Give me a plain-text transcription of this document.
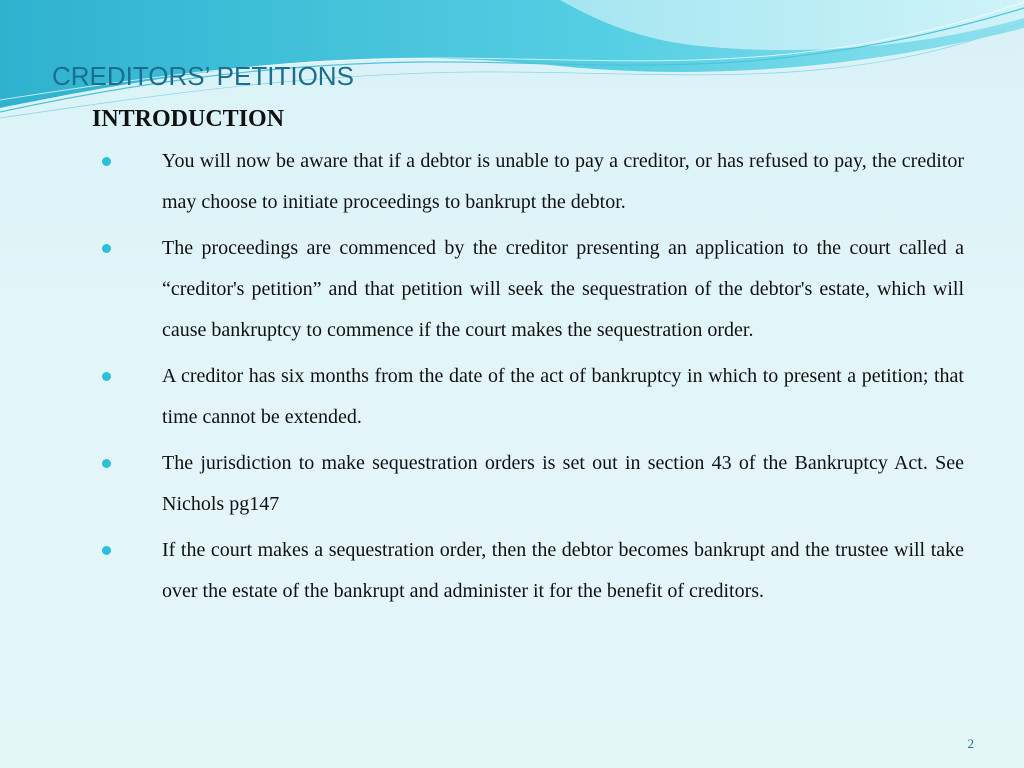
CREDITORS’ PETITIONS
INTRODUCTION
You will now be aware that if a debtor is unable to pay a creditor, or has refused to pay, the creditor may choose to initiate proceedings to bankrupt the debtor.
The proceedings are commenced by the creditor presenting an application to the court called a “creditor's petition” and that petition will seek the sequestration of the debtor's estate, which will cause bankruptcy to commence if the court makes the sequestration order.
A creditor has six months from the date of the act of bankruptcy in which to present a petition; that time cannot be extended.
The jurisdiction to make sequestration orders is set out in section 43 of the Bankruptcy Act. See Nichols pg147
If the court makes a sequestration order, then the debtor becomes bankrupt and the trustee will take over the estate of the bankrupt and administer it for the benefit of creditors.
2
